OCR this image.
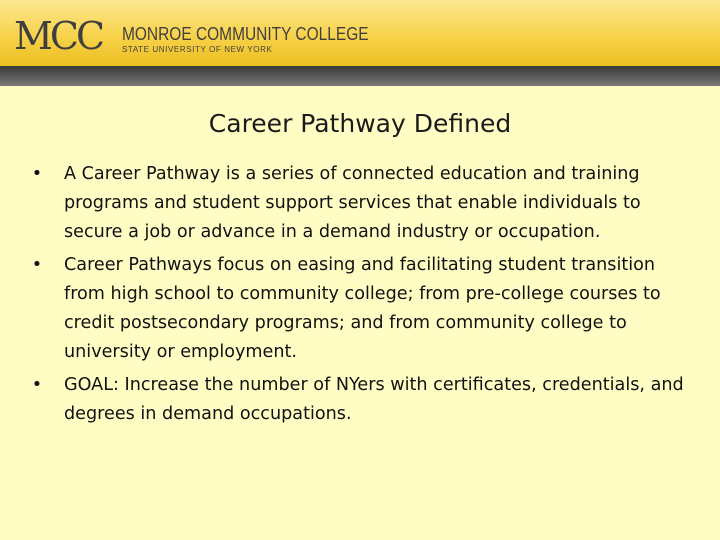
MCC MONROE COMMUNITY COLLEGE
STATE UNIVERSITY OF NEW YORK
Career Pathway Defined
• A Career Pathway is a series of connected education and training programs and student support services that enable individuals to secure a job or advance in a demand industry or occupation.
• Career Pathways focus on easing and facilitating student transition from high school to community college; from pre-college courses to credit postsecondary programs; and from community college to university or employment.
• GOAL: Increase the number of NYers with certificates, credentials, and degrees in demand occupations.
